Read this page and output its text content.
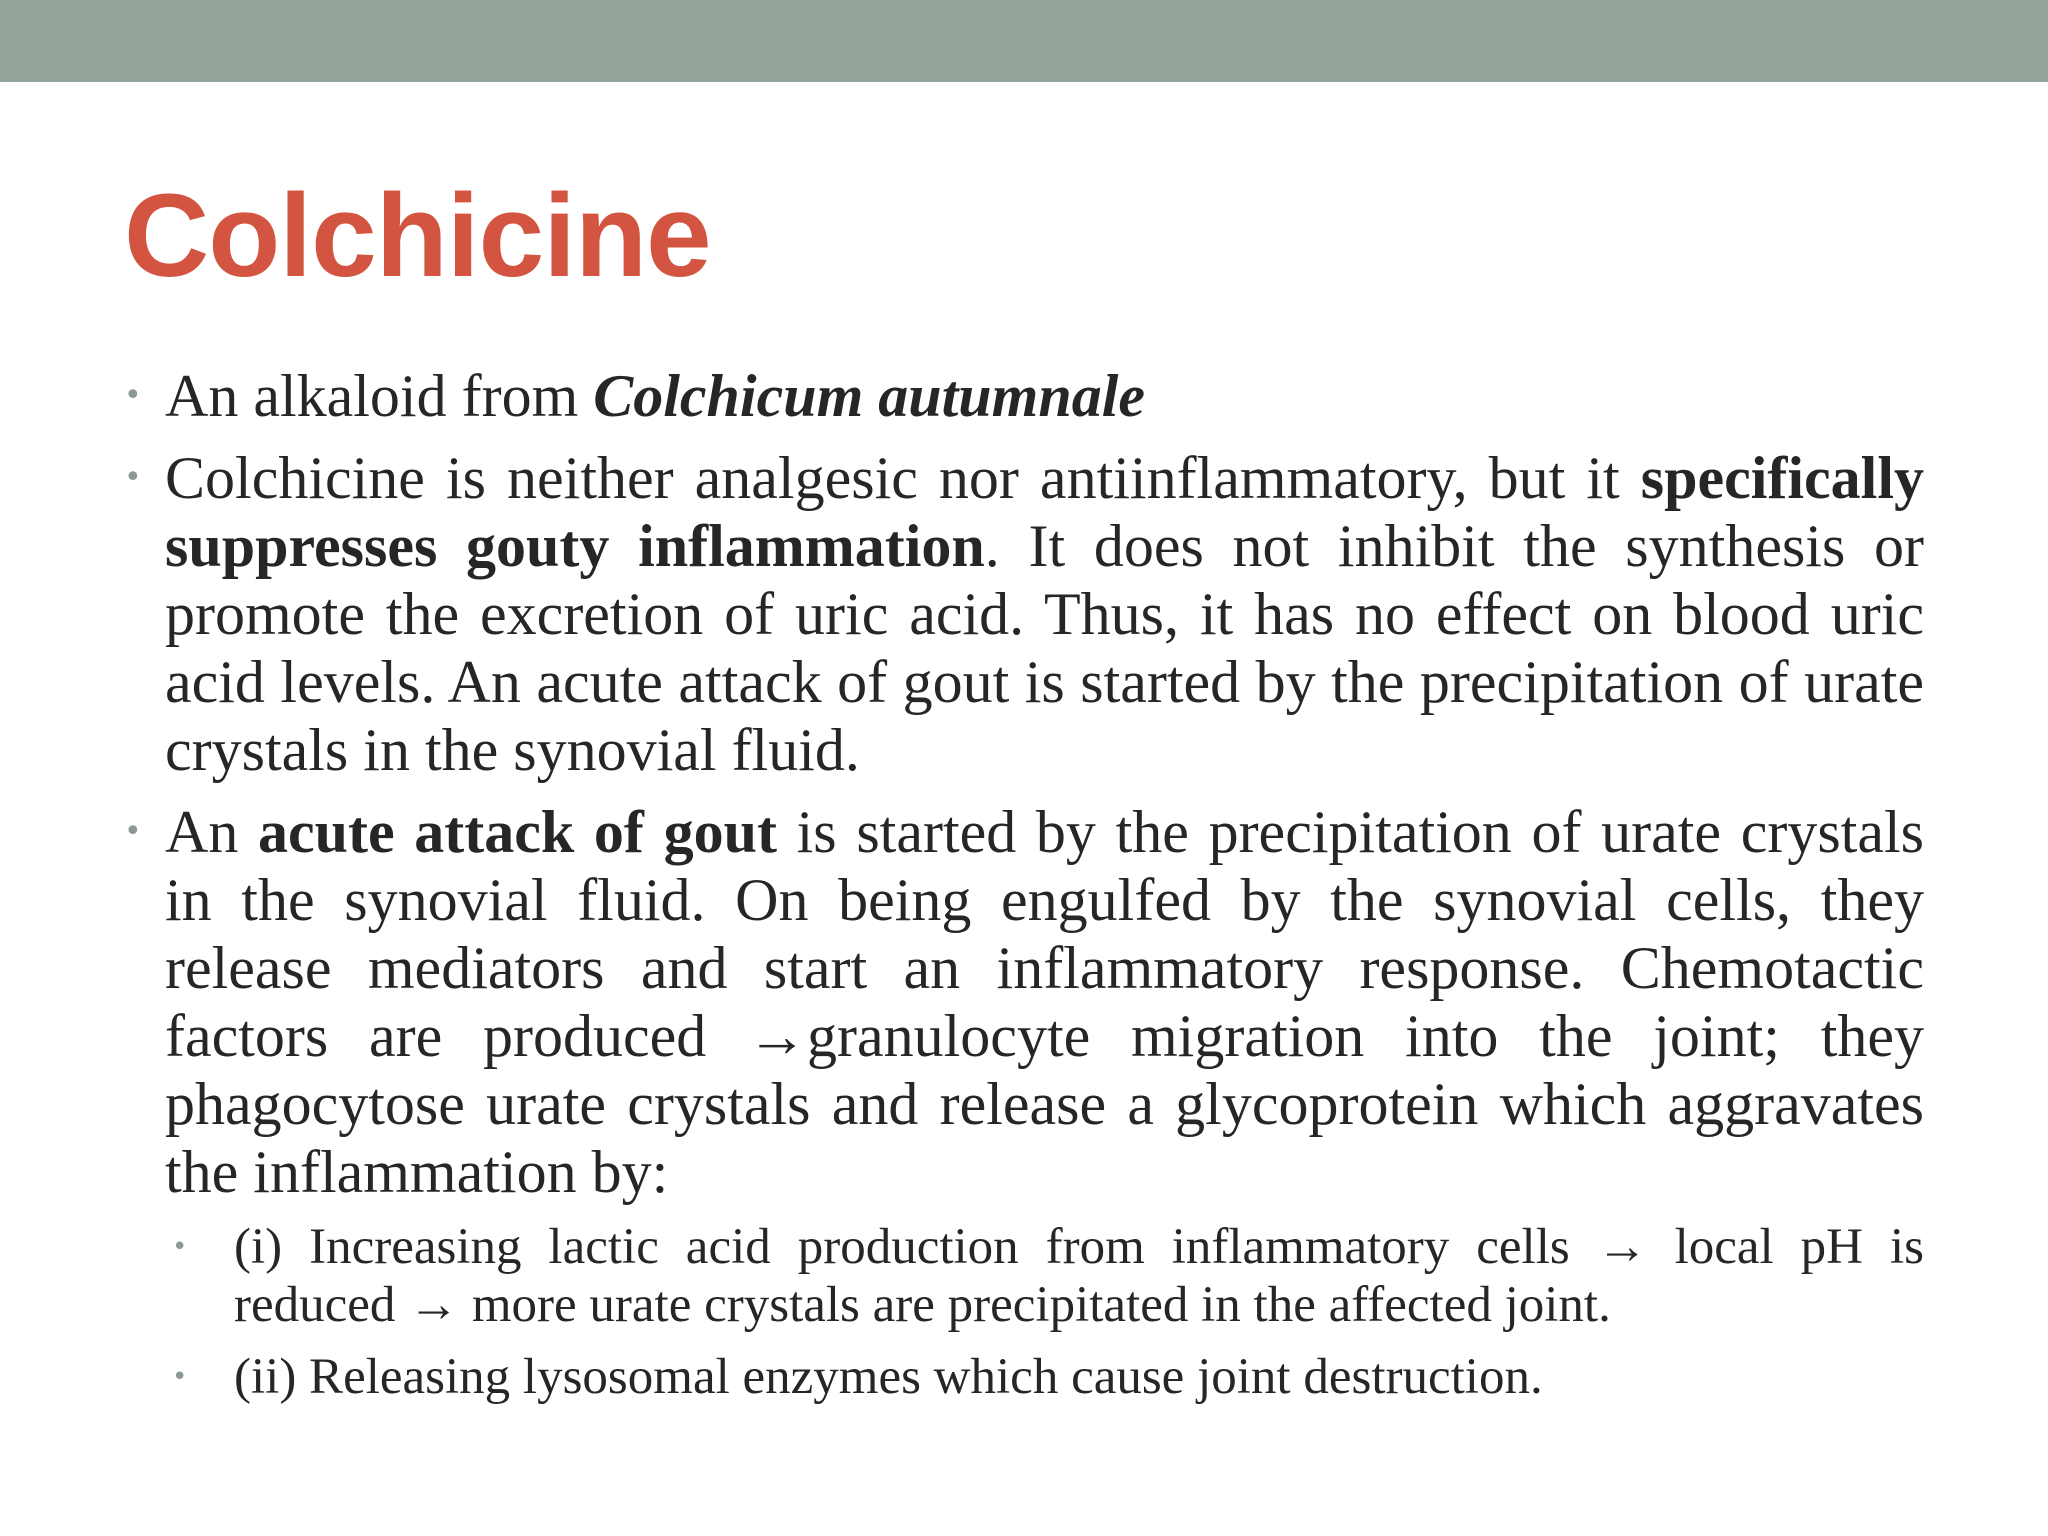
Colchicine
• An alkaloid from Colchicum autumnale
• Colchicine is neither analgesic nor antiinflammatory, but it specifically suppresses gouty inflammation. It does not inhibit the synthesis or promote the excretion of uric acid. Thus, it has no effect on blood uric acid levels. An acute attack of gout is started by the precipitation of urate crystals in the synovial fluid.
• An acute attack of gout is started by the precipitation of urate crystals in the synovial fluid. On being engulfed by the synovial cells, they release mediators and start an inflammatory response. Chemotactic factors are produced →granulocyte migration into the joint; they phagocytose urate crystals and release a glycoprotein which aggravates the inflammation by:
• (i) Increasing lactic acid production from inflammatory cells → local pH is reduced → more urate crystals are precipitated in the affected joint.
• (ii) Releasing lysosomal enzymes which cause joint destruction.
